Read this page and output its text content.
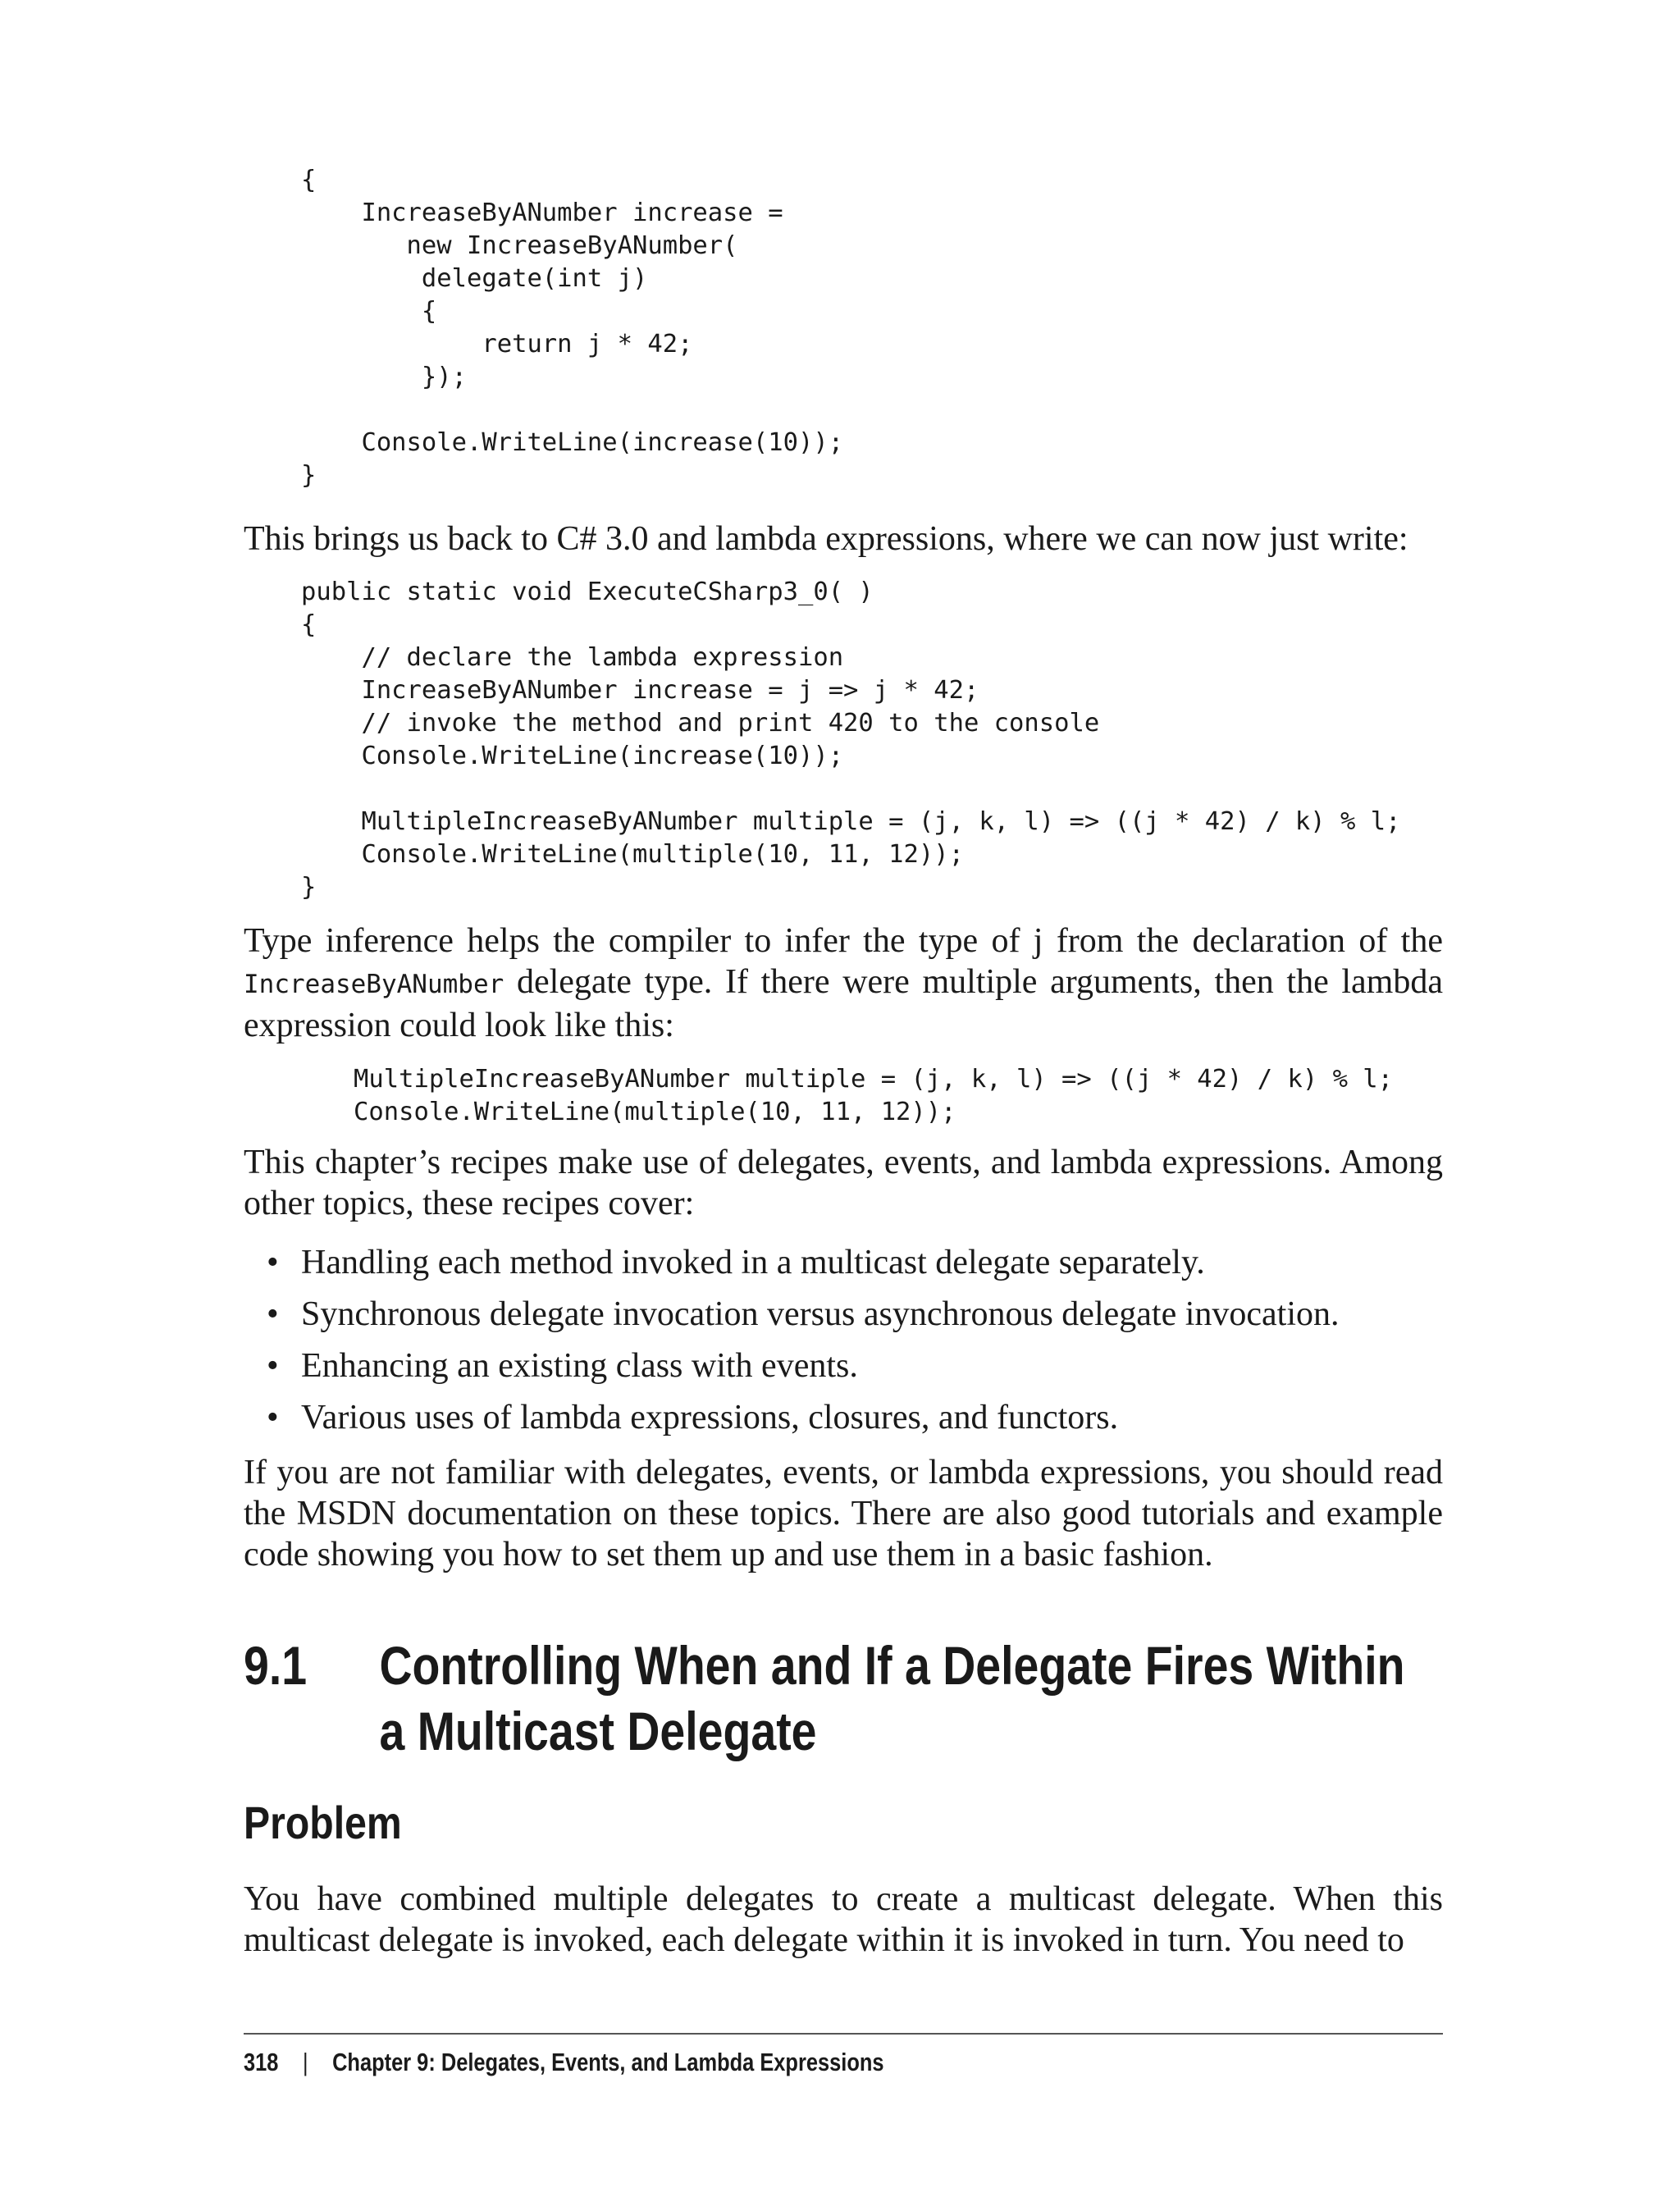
{
IncreaseByANumber increase =
new IncreaseByANumber(
delegate(int j)
{
return j * 42;
});

Console.WriteLine(increase(10));
}

This brings us back to C# 3.0 and lambda expressions, where we can now just write:

public static void ExecuteCSharp3_0( )
{
// declare the lambda expression
IncreaseByANumber increase = j => j * 42;
// invoke the method and print 420 to the console
Console.WriteLine(increase(10));

MultipleIncreaseByANumber multiple = (j, k, l) => ((j * 42) / k) % l;
Console.WriteLine(multiple(10, 11, 12));
}

Type inference helps the compiler to infer the type of j from the declaration of the IncreaseByANumber delegate type. If there were multiple arguments, then the lambda expression could look like this:

MultipleIncreaseByANumber multiple = (j, k, l) => ((j * 42) / k) % l;
Console.WriteLine(multiple(10, 11, 12));

This chapter’s recipes make use of delegates, events, and lambda expressions. Among other topics, these recipes cover:

• Handling each method invoked in a multicast delegate separately.
• Synchronous delegate invocation versus asynchronous delegate invocation.
• Enhancing an existing class with events.
• Various uses of lambda expressions, closures, and functors.

If you are not familiar with delegates, events, or lambda expressions, you should read the MSDN documentation on these topics. There are also good tutorials and example code showing you how to set them up and use them in a basic fashion.

9.1 Controlling When and If a Delegate Fires Within a Multicast Delegate
Problem

You have combined multiple delegates to create a multicast delegate. When this multicast delegate is invoked, each delegate within it is invoked in turn. You need to

318 | Chapter 9: Delegates, Events, and Lambda Expressions
